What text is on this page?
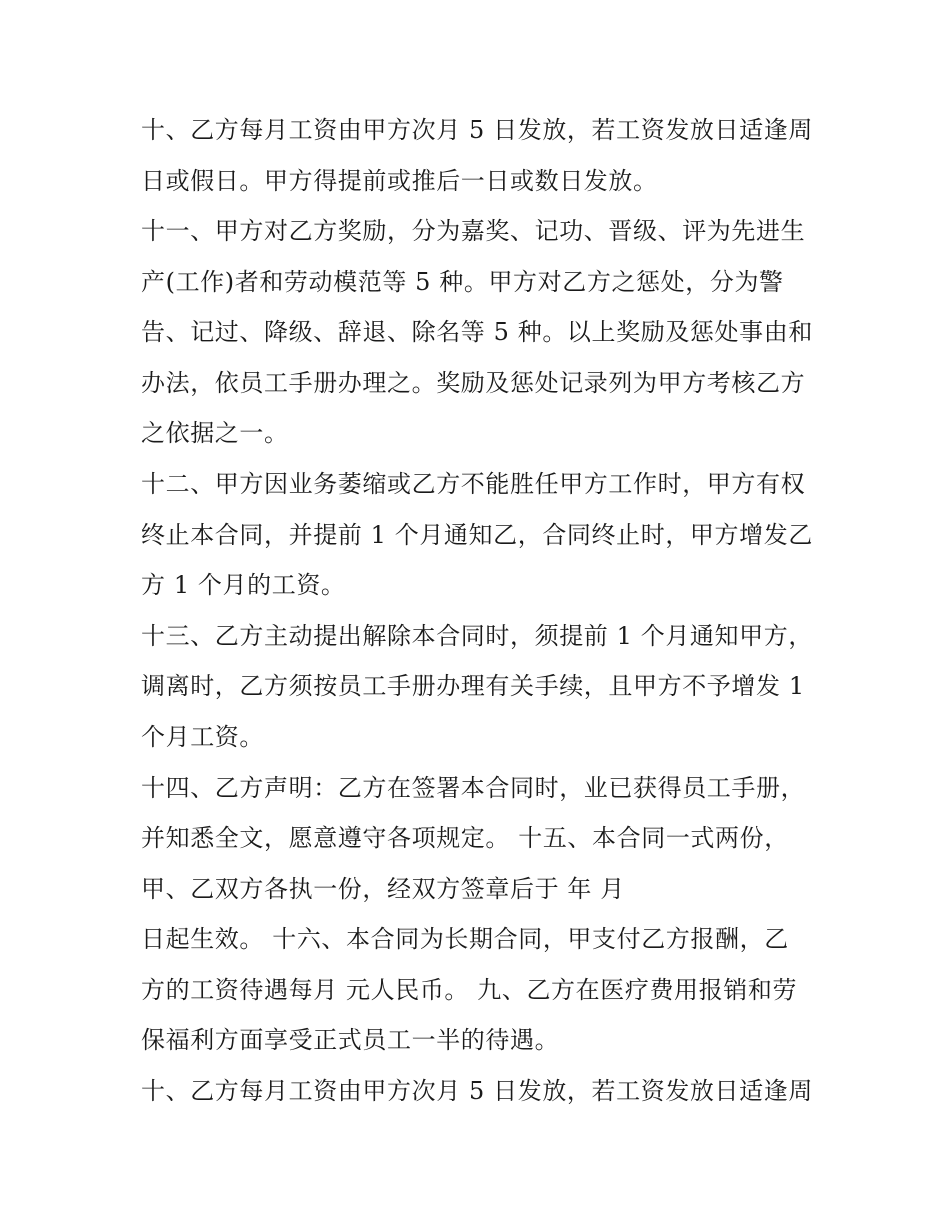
十、乙方每月工资由甲方次月 5 日发放，若工资发放日适逢周
日或假日。甲方得提前或推后一日或数日发放。
十一、甲方对乙方奖励，分为嘉奖、记功、晋级、评为先进生
产(工作)者和劳动模范等 5 种。甲方对乙方之惩处，分为警
告、记过、降级、辞退、除名等 5 种。以上奖励及惩处事由和
办法，依员工手册办理之。奖励及惩处记录列为甲方考核乙方
之依据之一。
十二、甲方因业务萎缩或乙方不能胜任甲方工作时，甲方有权
终止本合同，并提前 1 个月通知乙，合同终止时，甲方增发乙
方 1 个月的工资。
十三、乙方主动提出解除本合同时，须提前 1 个月通知甲方，
调离时，乙方须按员工手册办理有关手续，且甲方不予增发 1
个月工资。
十四、乙方声明：乙方在签署本合同时，业已获得员工手册，
并知悉全文，愿意遵守各项规定。 十五、本合同一式两份，
甲、乙双方各执一份，经双方签章后于 年 月
日起生效。 十六、本合同为长期合同，甲支付乙方报酬，乙
方的工资待遇每月 元人民币。 九、乙方在医疗费用报销和劳
保福利方面享受正式员工一半的待遇。
十、乙方每月工资由甲方次月 5 日发放，若工资发放日适逢周
